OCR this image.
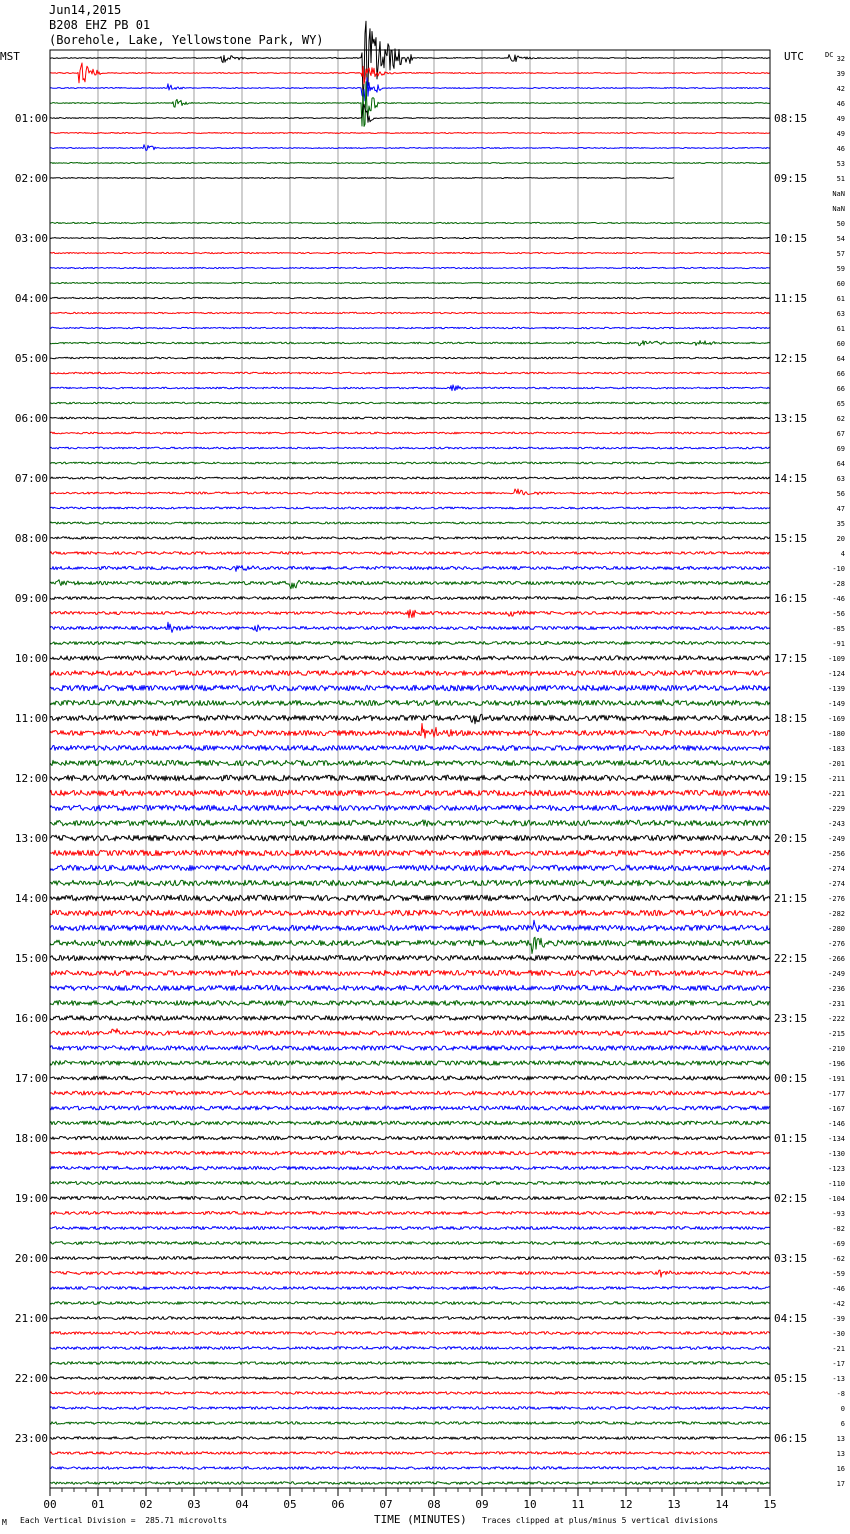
Jun14,2015
B208 EHZ PB 01
(Borehole, Lake, Yellowstone Park, WY)
00	01	02	03	04	05	06	07	08	09	10	11	12	13	14	15
MST	UTC	DC
01:00
02:00
03:00
04:00
05:00
06:00
07:00
08:00
09:00
10:00
11:00
12:00
13:00
14:00
15:00
16:00
17:00
18:00
19:00
20:00
21:00
22:00
23:00
08:15
09:15
10:15
11:15
12:15
13:15
14:15
15:15
16:15
17:15
18:15
19:15
20:15
21:15
22:15
23:15
00:15
01:15
02:15
03:15
04:15
05:15
06:15
32
39
42
46
49
49
46
53
51
NaN
NaN
50
54
57
59
60
61
63
61
60
64
66
66
65
62
67
69
64
63
56
47
35
20
4
-10
-28
-46
-56
-85
-91
-109
-124
-139
-149
-169
-180
-183
-201
-211
-221
-229
-243
-249
-256
-274
-274
-276
-282
-280
-276
-266
-249
-236
-231
-222
-215
-210
-196
-191
-177
-167
-146
-134
-130
-123
-110
-104
-93
-82
-69
-62
-59
-46
-42
-39
-30
-21
-17
-13
-8
0
6
13
13
16
17
M Each Vertical Division =  285.71 microvolts	TIME (MINUTES) Traces clipped at plus/minus 5 vertical divisions
